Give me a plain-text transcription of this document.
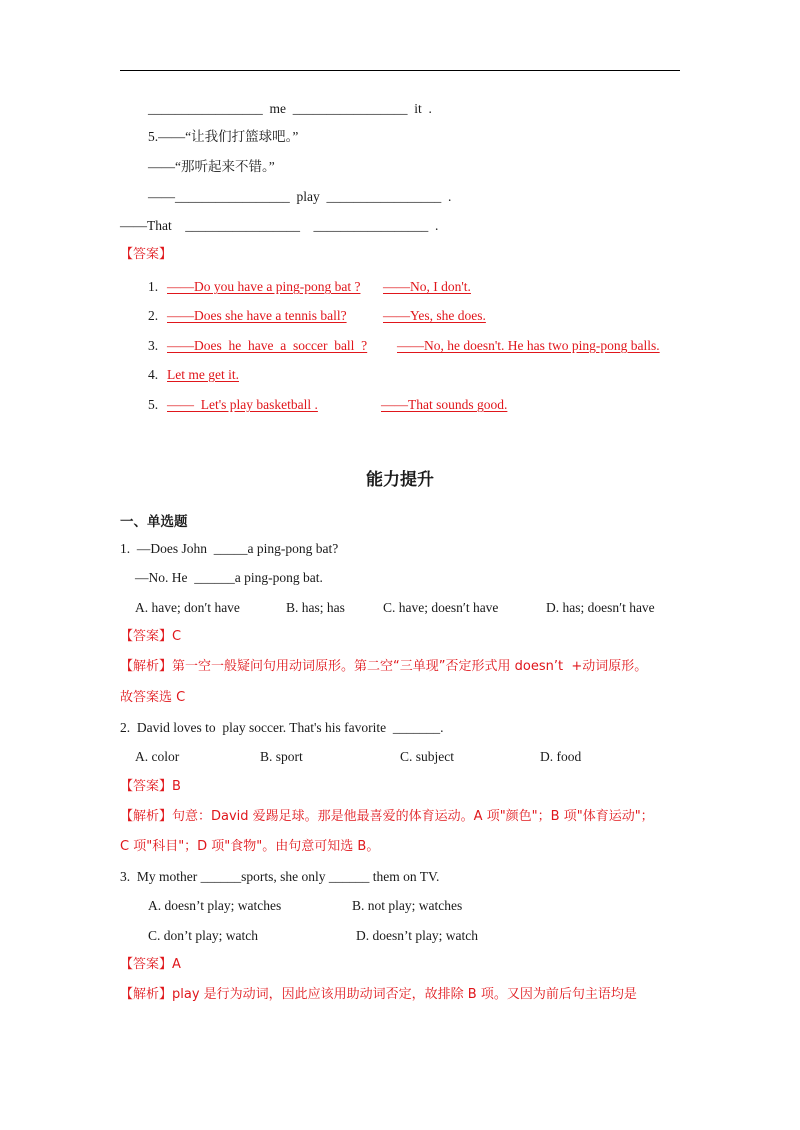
_________________  me  _________________  it  .
5.——“让我们打篮球吧。”
——“那听起来不错。”
——_________________  play  _________________  .
——That    _________________    _________________  .
【答案】
1. ——Do you have a ping-pong bat ? ——No, I don't.
2. ——Does she have a tennis ball?	——Yes, she does.
3. ——Does  he  have  a  soccer  ball  ? ——No, he doesn't. He has two ping-pong balls.
4. Let me get it.
5. ——  Let's play basketball .	——That sounds good.
能力提升
一、单选题
1.  —Does John  _____a ping-pong bat?
—No. He  ______a ping-pong bat.
A. have; don′t have	B. has; has	C. have; doesn′t have	D. has; doesn′t have
【答案】C
【解析】第一空一般疑问句用动词原形。第二空“三单现”否定形式用 doesn’t  +动词原形。
故答案选 C
2.  David loves to  play soccer. That's his favorite  _______.
A. color	B. sport	C. subject	D. food
【答案】B
【解析】句意：David 爱踢足球。那是他最喜爱的体育运动。A 项"颜色"；B 项"体育运动"；
C 项"科目"；D 项"食物"。由句意可知选 B。
3.  My mother ______sports, she only ______ them on TV.
A. doesn’t play; watches	B. not play; watches
C. don’t play; watch	D. doesn’t play; watch
【答案】A
【解析】play 是行为动词，因此应该用助动词否定，故排除 B 项。又因为前后句主语均是
